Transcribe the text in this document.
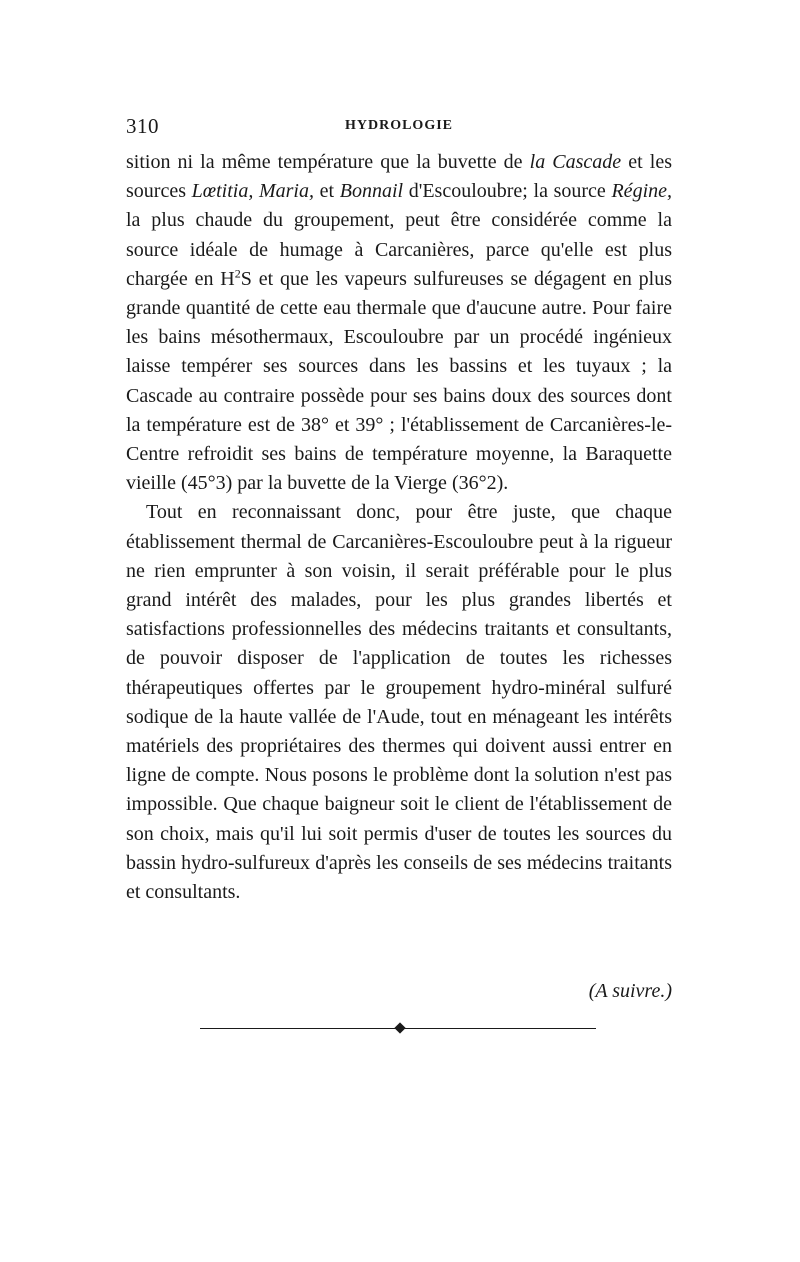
310	HYDROLOGIE

sition ni la même température que la buvette de la Cascade et les sources Lœtitia, Maria, et Bonnail d'Escouloubre; la source Régine, la plus chaude du groupement, peut être considérée comme la source idéale de humage à Carcanières, parce qu'elle est plus chargée en $H^2S$ et que les vapeurs sulfureuses se dégagent en plus grande quantité de cette eau thermale que d'aucune autre. Pour faire les bains mésothermaux, Escouloubre par un procédé ingénieux laisse tempérer ses sources dans les bassins et les tuyaux ; la Cascade au contraire possède pour ses bains doux des sources dont la température est de 38° et 39° ; l'établissement de Carcanières-le-Centre refroidit ses bains de température moyenne, la Baraquette vieille (45°3) par la buvette de la Vierge (36°2).

Tout en reconnaissant donc, pour être juste, que chaque établissement thermal de Carcanières-Escouloubre peut à la rigueur ne rien emprunter à son voisin, il serait préférable pour le plus grand intérêt des malades, pour les plus grandes libertés et satisfactions professionnelles des médecins traitants et consultants, de pouvoir disposer de l'application de toutes les richesses thérapeutiques offertes par le groupement hydro-minéral sulfuré sodique de la haute vallée de l'Aude, tout en ménageant les intérêts matériels des propriétaires des thermes qui doivent aussi entrer en ligne de compte. Nous posons le problème dont la solution n'est pas impossible. Que chaque baigneur soit le client de l'établissement de son choix, mais qu'il lui soit permis d'user de toutes les sources du bassin hydro-sulfureux d'après les conseils de ses médecins traitants et consultants.

(A suivre.)
